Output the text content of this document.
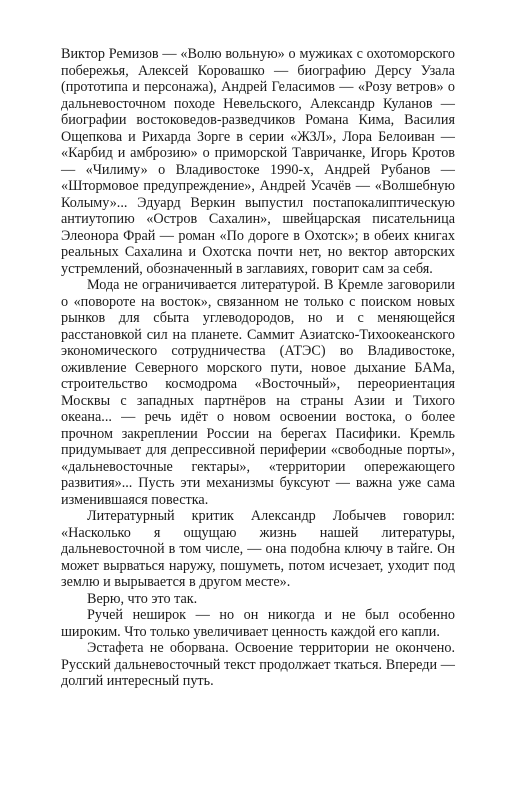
Виктор Ремизов — «Волю вольную» о мужиках с охотоморского побережья, Алексей Коровашко — биографию Дерсу Узала (прототипа и персонажа), Андрей Геласимов — «Розу ветров» о дальневосточном походе Невельского, Александр Куланов — биографии востоковедов-разведчиков Романа Кима, Василия Ощепкова и Рихарда Зорге в серии «ЖЗЛ», Лора Белоиван — «Карбид и амброзию» о приморской Тавричанке, Игорь Кротов — «Чилиму» о Владивостоке 1990-х, Андрей Рубанов — «Штормовое предупреждение», Андрей Усачёв — «Волшебную Колыму»... Эдуард Веркин выпустил постапокалиптическую антиутопию «Остров Сахалин», швейцарская писательница Элеонора Фрай — роман «По дороге в Охотск»; в обеих книгах реальных Сахалина и Охотска почти нет, но вектор авторских устремлений, обозначенный в заглавиях, говорит сам за себя.

Мода не ограничивается литературой. В Кремле заговорили о «повороте на восток», связанном не только с поиском новых рынков для сбыта углеводородов, но и с меняющейся расстановкой сил на планете. Саммит Азиатско-Тихоокеанского экономического сотрудничества (АТЭС) во Владивостоке, оживление Северного морского пути, новое дыхание БАМа, строительство космодрома «Восточный», переориентация Москвы с западных партнёров на страны Азии и Тихого океана... — речь идёт о новом освоении востока, о более прочном закреплении России на берегах Пасифики. Кремль придумывает для депрессивной периферии «свободные порты», «дальневосточные гектары», «территории опережающего развития»... Пусть эти механизмы буксуют — важна уже сама изменившаяся повестка.

Литературный критик Александр Лобычев говорил: «Насколько я ощущаю жизнь нашей литературы, дальневосточной в том числе, — она подобна ключу в тайге. Он может вырваться наружу, пошуметь, потом исчезает, уходит под землю и вырывается в другом месте».

Верю, что это так.

Ручей неширок — но он никогда и не был особенно широким. Что только увеличивает ценность каждой его капли.

Эстафета не оборвана. Освоение территории не окончено. Русский дальневосточный текст продолжает ткаться. Впереди — долгий интересный путь.
